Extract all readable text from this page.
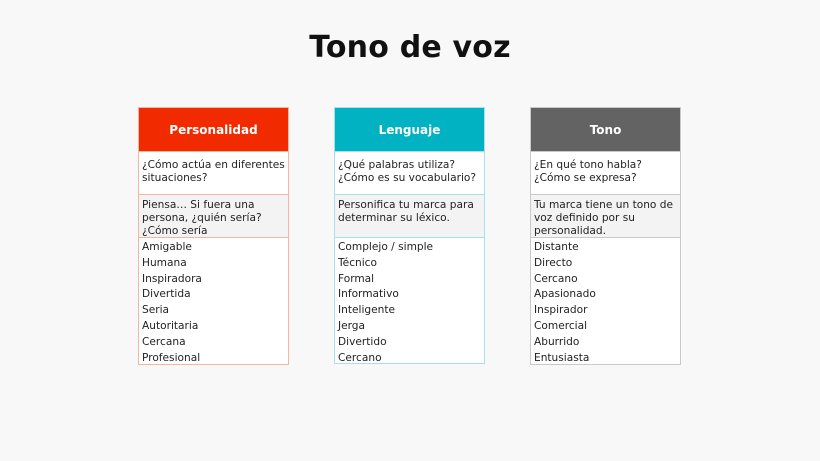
Tono de voz
Personalidad
¿Cómo actúa en diferentes situaciones?
Piensa… Si fuera una persona, ¿quién sería? ¿Cómo sería
Amigable
Humana
Inspiradora
Divertida
Seria
Autoritaria
Cercana
Profesional
Lenguaje
¿Qué palabras utiliza? ¿Cómo es su vocabulario?
Personifica tu marca para determinar su léxico.
Complejo / simple
Técnico
Formal
Informativo
Inteligente
Jerga
Divertido
Cercano
Tono
¿En qué tono habla? ¿Cómo se expresa?
Tu marca tiene un tono de voz definido por su personalidad.
Distante
Directo
Cercano
Apasionado
Inspirador
Comercial
Aburrido
Entusiasta
